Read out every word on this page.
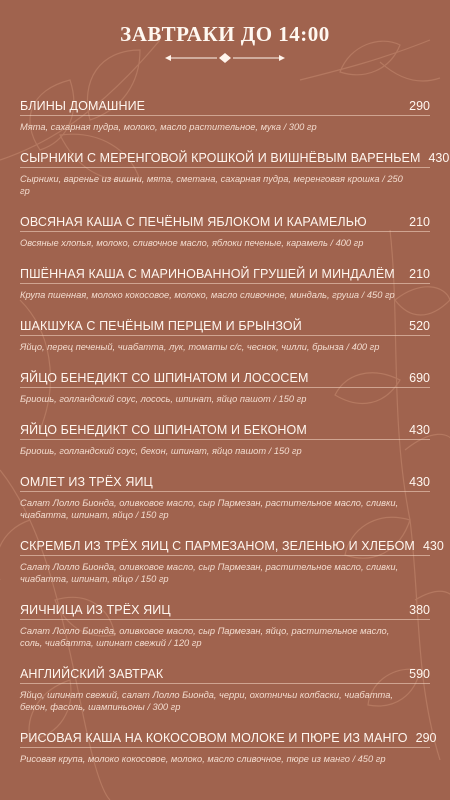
ЗАВТРАКИ ДО 14:00
БЛИНЫ ДОМАШНИЕ	290
Мята, сахарная пудра, молоко, масло растительное, мука / 300 гр
СЫРНИКИ С МЕРЕНГОВОЙ КРОШКОЙ И ВИШНЁВЫМ ВАРЕНЬЕМ 430
Сырники, варенье из вишни, мята, сметана, сахарная пудра, меренговая крошка / 250 гр
ОВСЯНАЯ КАША С ПЕЧЁНЫМ ЯБЛОКОМ И КАРАМЕЛЬЮ	210
Овсяные хлопья, молоко, сливочное масло, яблоки печеные, карамель / 400 гр
ПШЁННАЯ КАША С МАРИНОВАННОЙ ГРУШЕЙ И МИНДАЛЁМ	210
Крупа пшенная, молоко кокосовое, молоко, масло сливочное, миндаль, груша / 450 гр
ШАКШУКА С ПЕЧЁНЫМ ПЕРЦЕМ И БРЫНЗОЙ	520
Яйцо, перец печеный, чиабатта, лук, томаты с/с, чеснок, чилли, брынза / 400 гр
ЯЙЦО БЕНЕДИКТ СО ШПИНАТОМ И ЛОСОСЕМ	690
Бриошь, голландский соус, лосось, шпинат, яйцо пашот / 150 гр
ЯЙЦО БЕНЕДИКТ СО ШПИНАТОМ И БЕКОНОМ	430
Бриошь, голландский соус, бекон, шпинат, яйцо пашот / 150 гр
ОМЛЕТ ИЗ ТРЁХ ЯИЦ	430
Салат Лолло Бионда, оливковое масло, сыр Пармезан, растительное масло, сливки, чиабатта, шпинат, яйцо / 150 гр
СКРЕМБЛ ИЗ ТРЁХ ЯИЦ С ПАРМЕЗАНОМ, ЗЕЛЕНЬЮ И ХЛЕБОМ 430
Салат Лолло Бионда, оливковое масло, сыр Пармезан, растительное масло, сливки, чиабатта, шпинат, яйцо / 150 гр
ЯИЧНИЦА ИЗ ТРЁХ ЯИЦ	380
Салат Лолло Бионда, оливковое масло, сыр Пармезан, яйцо, растительное масло, соль, чиабатта, шпинат свежий / 120 гр
АНГЛИЙСКИЙ ЗАВТРАК	590
Яйцо, шпинат свежий, салат Лолло Бионда, черри, охотничьи колбаски, чиабатта, бекон, фасоль, шампиньоны / 300 гр
РИСОВАЯ КАША НА КОКОСОВОМ МОЛОКЕ И ПЮРЕ ИЗ МАНГО 290
Рисовая крупа, молоко кокосовое, молоко, масло сливочное, пюре из манго / 450 гр
